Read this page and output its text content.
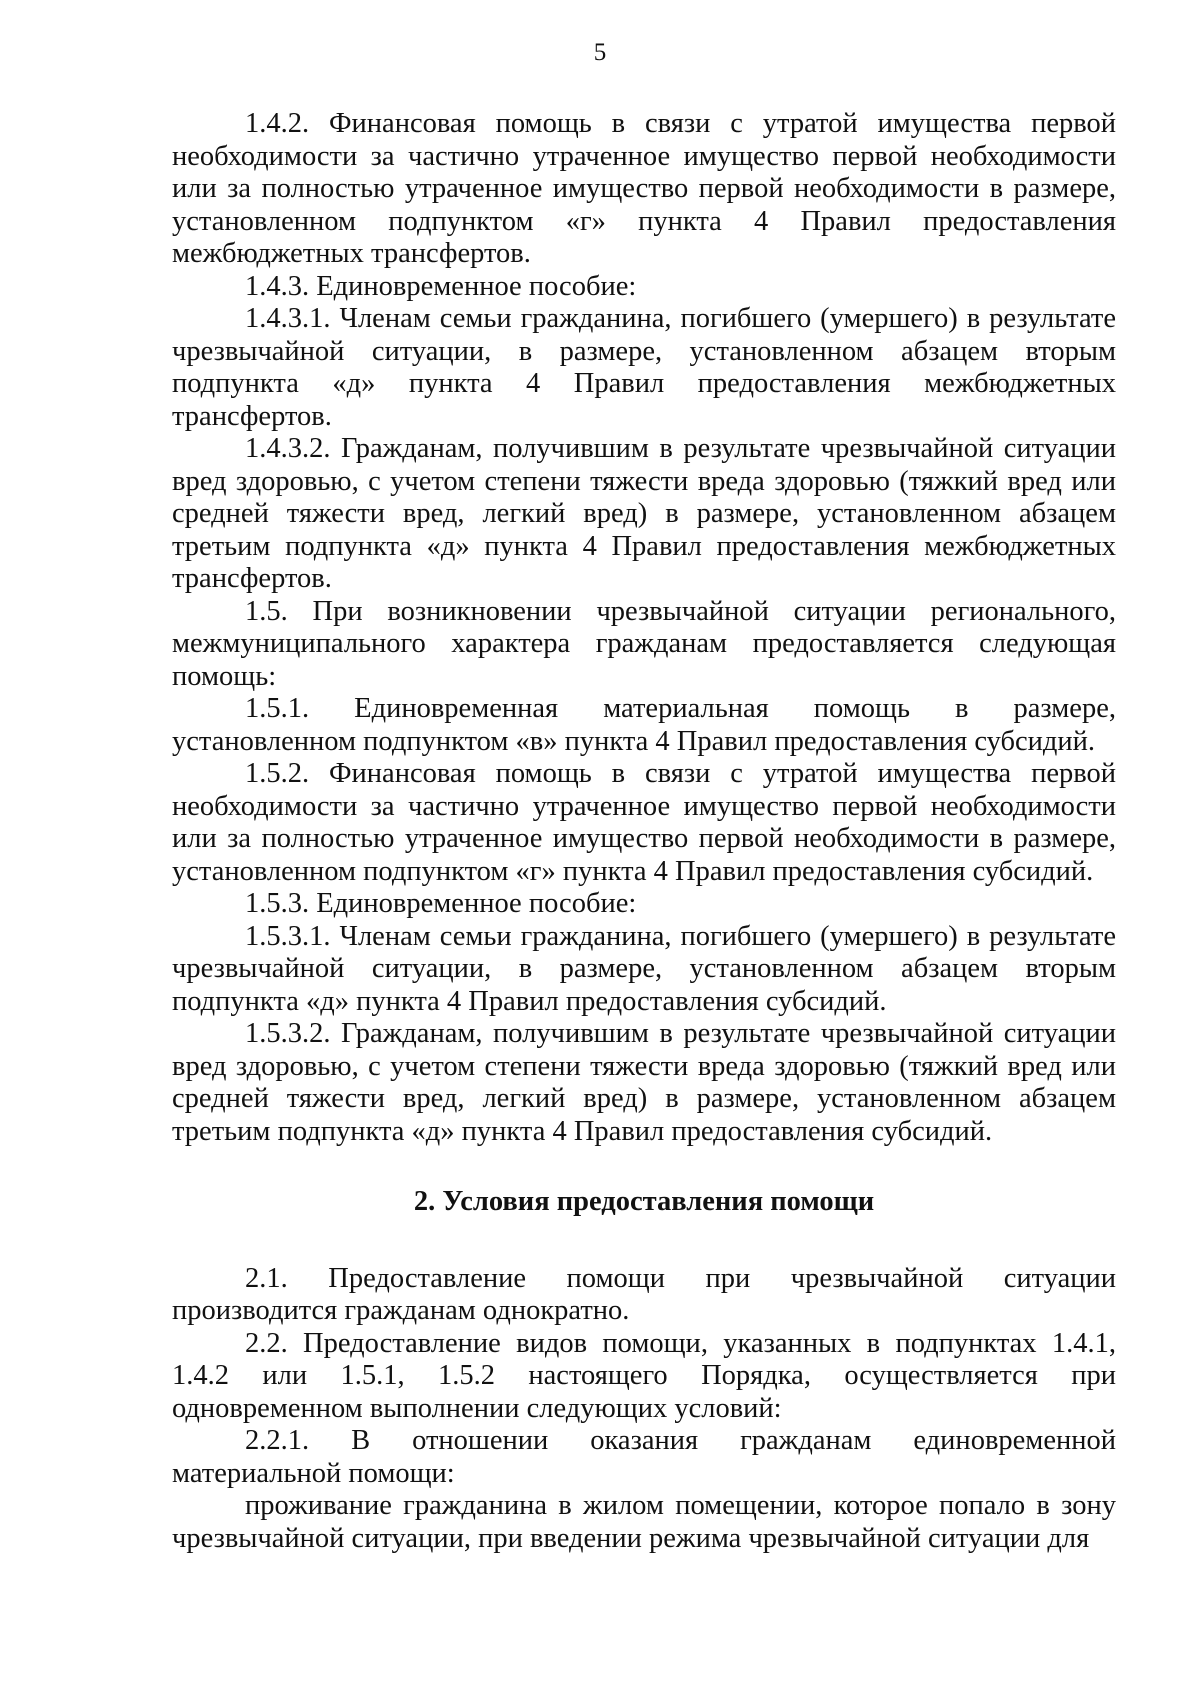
5

1.4.2. Финансовая помощь в связи с утратой имущества первой необходимости за частично утраченное имущество первой необходимости или за полностью утраченное имущество первой необходимости в размере, установленном подпунктом «г» пункта 4 Правил предоставления межбюджетных трансфертов.

1.4.3. Единовременное пособие:

1.4.3.1. Членам семьи гражданина, погибшего (умершего) в результате чрезвычайной ситуации, в размере, установленном абзацем вторым подпункта «д» пункта 4 Правил предоставления межбюджетных трансфертов.

1.4.3.2. Гражданам, получившим в результате чрезвычайной ситуации вред здоровью, с учетом степени тяжести вреда здоровью (тяжкий вред или средней тяжести вред, легкий вред) в размере, установленном абзацем третьим подпункта «д» пункта 4 Правил предоставления межбюджетных трансфертов.

1.5. При возникновении чрезвычайной ситуации регионального, межмуниципального характера гражданам предоставляется следующая помощь:

1.5.1. Единовременная материальная помощь в размере, установленном подпунктом «в» пункта 4 Правил предоставления субсидий.

1.5.2. Финансовая помощь в связи с утратой имущества первой необходимости за частично утраченное имущество первой необходимости или за полностью утраченное имущество первой необходимости в размере, установленном подпунктом «г» пункта 4 Правил предоставления субсидий.

1.5.3. Единовременное пособие:

1.5.3.1. Членам семьи гражданина, погибшего (умершего) в результате чрезвычайной ситуации, в размере, установленном абзацем вторым подпункта «д» пункта 4 Правил предоставления субсидий.

1.5.3.2. Гражданам, получившим в результате чрезвычайной ситуации вред здоровью, с учетом степени тяжести вреда здоровью (тяжкий вред или средней тяжести вред, легкий вред) в размере, установленном абзацем третьим подпункта «д» пункта 4 Правил предоставления субсидий.

2. Условия предоставления помощи

2.1. Предоставление помощи при чрезвычайной ситуации производится гражданам однократно.

2.2. Предоставление видов помощи, указанных в подпунктах 1.4.1, 1.4.2 или 1.5.1, 1.5.2 настоящего Порядка, осуществляется при одновременном выполнении следующих условий:

2.2.1. В отношении оказания гражданам единовременной материальной помощи:

проживание гражданина в жилом помещении, которое попало в зону чрезвычайной ситуации, при введении режима чрезвычайной ситуации для
